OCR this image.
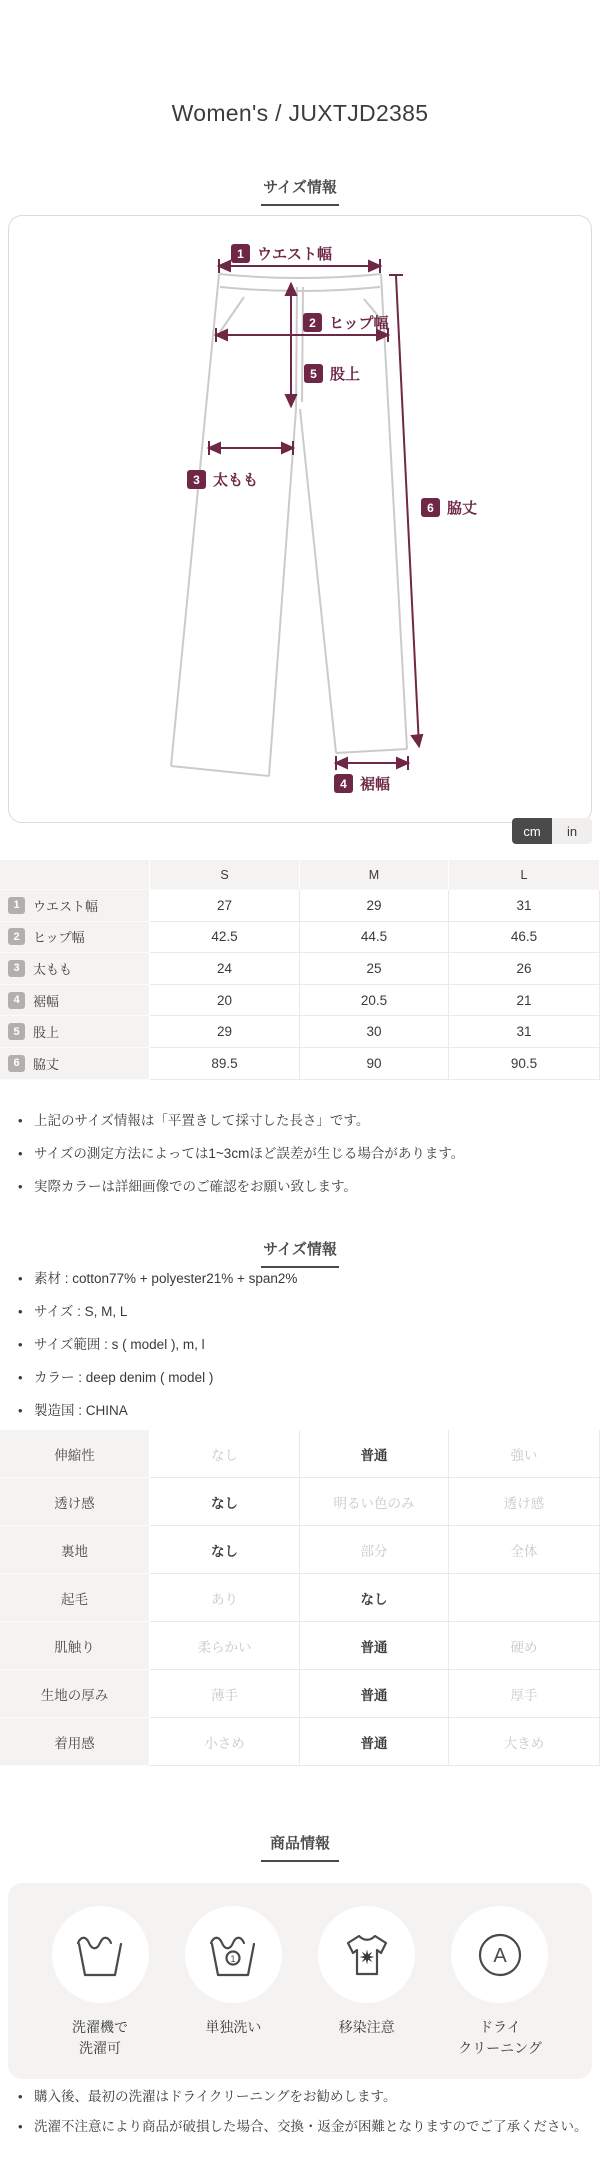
Women's / JUXTJD2385
サイズ情報
1 ウエスト幅
2 ヒップ幅
3 太もも
5 股上
6 脇丈
4 裾幅
cm	in
S	M	L
1	ウエスト幅	27	29	31
2	ヒップ幅	42.5	44.5	46.5
3	太もも	24	25	26
4	裾幅	20	20.5	21
5	股上	29	30	31
6	脇丈	89.5	90	90.5
• 上記のサイズ情報は「平置きして採寸した長さ」です。
• サイズの測定方法によっては1~3cmほど誤差が生じる場合があります。
• 実際カラーは詳細画像でのご確認をお願い致します。
サイズ情報
• 素材 : cotton77% + polyester21% + span2%
• サイズ : S, M, L
• サイズ範囲 : s ( model ), m, l
• カラー : deep denim ( model )
• 製造国 : CHINA
伸縮性	なし	普通	強い
透け感	なし	明るい色のみ	透け感
裏地	なし	部分	全体
起毛	あり	なし
肌触り	柔らかい	普通	硬め
生地の厚み	薄手	普通	厚手
着用感	小さめ	普通	大きめ
商品情報
洗濯機で
洗濯可
1
単独洗い	移染注意
A
ドライ
クリーニング
• 購入後、最初の洗濯はドライクリーニングをお勧めします。
• 洗濯不注意により商品が破損した場合、交換・返金が困難となりますのでご了承ください。
